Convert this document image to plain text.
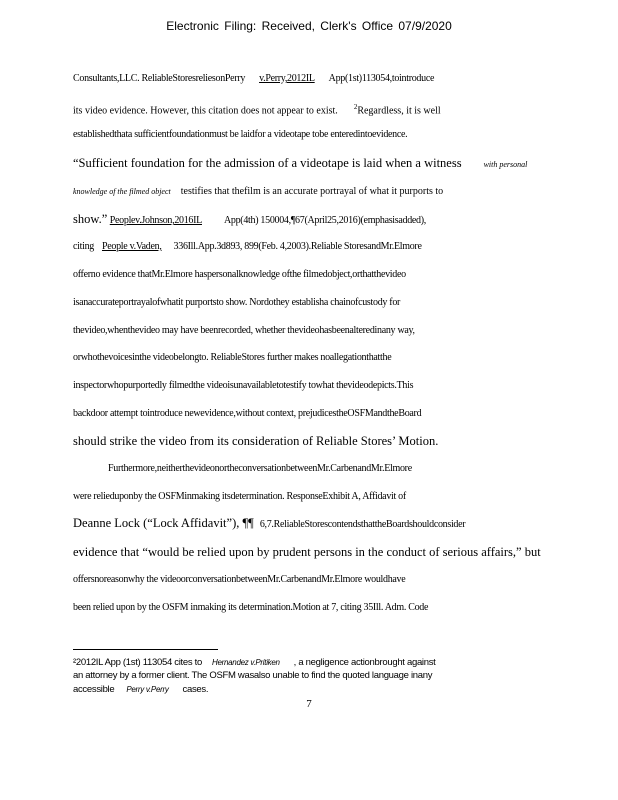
Electronic Filing: Received, Clerk's Office 07/9/2020
Consultants,LLC. ReliableStoresreliesonPerry v.Perry,2012IL App(1st)113054,tointroduce
its video evidence. However, this citation does not appear to exist. $^2$Regardless, it is well
establishedthata sufficientfoundationmust be laidfor a videotape tobe enteredintoevidence.
“Sufficient foundation for the admission of a videotape is laid when a witness	with personal
knowledge of the filmed object testifies that thefilm is an accurate portrayal of what it purports to
show.” Peoplev.Johnson,2016IL App(4th) 150004,¶67(April25,2016)(emphasisadded),
citing People v.Vaden, 336Ill.App.3d893, 899(Feb. 4,2003).Reliable StoresandMr.Elmore
offerno evidence thatMr.Elmore haspersonalknowledge ofthe filmedobject,orthatthevideo
isanaccurateportrayalofwhatit purportsto show. Nordothey establisha chainofcustody for
thevideo,whenthevideo may have beenrecorded, whether thevideohasbeenalteredinany way,
orwhothevoicesinthe videobelongto. ReliableStores further makes noallegationthatthe
inspectorwhopurportedly filmedthe videoisunavailabletotestify towhat thevideodepicts.This
backdoor attempt tointroduce newevidence,without context, prejudicestheOSFMandtheBoard
should strike the video from its consideration of Reliable Stores’ Motion.
Furthermore,neitherthevideonortheconversationbetweenMr.CarbenandMr.Elmore
were relieduponby the OSFMinmaking itsdetermination. ResponseExhibit A, Affidavit of
Deanne Lock (“Lock Affidavit”), ¶¶ 6,7.ReliableStorescontendsthattheBoardshouldconsider
evidence that “would be relied upon by prudent persons in the conduct of serious affairs,” but
offersnoreasonwhy the videoorconversationbetweenMr.CarbenandMr.Elmore wouldhave
been relied upon by the OSFM inmaking its determination.Motion at 7, citing 35Ill. Adm. Code
²2012IL App (1st) 113054 cites to Hernandez v.Pritiken , a negligence actionbrought against
an attorney by a former client. The OSFM wasalso unable to find the quoted language inany
accessible Perry v.Perry cases.
7
